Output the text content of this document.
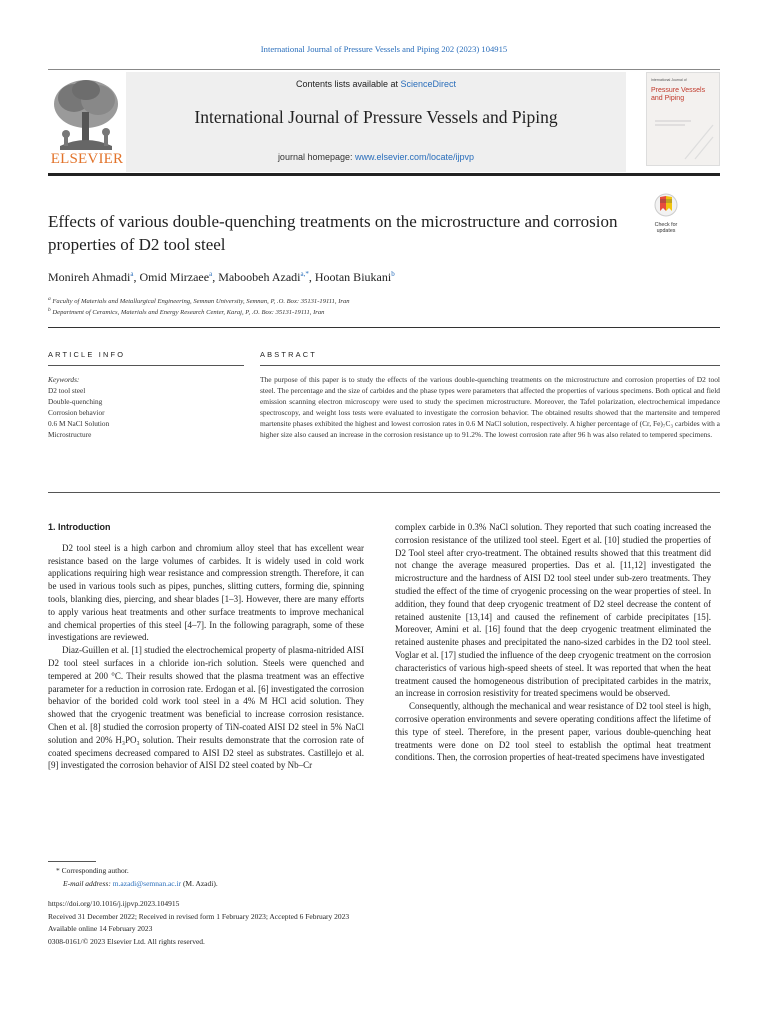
International Journal of Pressure Vessels and Piping 202 (2023) 104915
ELSEVIER
Contents lists available at ScienceDirect
International Journal of Pressure Vessels and Piping
journal homepage: www.elsevier.com/locate/ijpvp
International Journal of
Pressure Vessels
and Piping
Effects of various double-quenching treatments on the microstructure and corrosion properties of D2 tool steel
Check for
updates
Monireh Ahmadi$^a$, Omid Mirzaee$^a$, Maboobeh Azadi$^{a,*}$, Hootan Biukani$^b$
$^a$ Faculty of Materials and Metallurgical Engineering, Semnan University, Semnan, P, .O. Box: 35131-19111, Iran
$^b$ Department of Ceramics, Materials and Energy Research Center, Karaj, P, .O. Box: 35131-19111, Iran
ARTICLE INFO	ABSTRACT
Keywords:
D2 tool steel
Double-quenching
Corrosion behavior
0.6 M NaCl Solution
Microstructure
The purpose of this paper is to study the effects of the various double-quenching treatments on the microstructure and corrosion properties of D2 tool steel. The percentage and the size of carbides and the phase types were parameters that affected the properties of various specimens. Both optical and field emission scanning electron microscopy were used to study the specimen microstructure. Moreover, the Tafel polarization, electrochemical impedance spectroscopy, and weight loss tests were evaluated to investigate the corrosion behavior. The obtained results showed that the martensite and tempered martensite phases exhibited the highest and lowest corrosion rates in 0.6 M NaCl solution, respectively. A higher percentage of (Cr, Fe)₇C₃ carbides with a higher size also caused an increase in the corrosion resistance up to 91.2%. The lowest corrosion rate after 96 h was also related to tempered specimens.

1. Introduction

D2 tool steel is a high carbon and chromium alloy steel that has excellent wear resistance based on the large volumes of carbides. It is widely used in cold work applications requiring high wear resistance and compression strength. Therefore, it can be used in various tools such as pipes, punches, slitting cutters, forming die, spinning tools, blanking dies, piercing, and shear blades [1–3]. However, there are many efforts to apply various heat treatments and other surface treatments to improve mechanical and chemical properties of this steel [4–7]. In the following paragraph, some of these investigations are reviewed.

Diaz-Guillen et al. [1] studied the electrochemical property of plasma-nitrided AISI D2 tool steel surfaces in a chloride ion-rich solution. Steels were quenched and tempered at 200 °C. Their results showed that the plasma treatment was an effective parameter for a reduction in corrosion rate. Erdogan et al. [6] investigated the corrosion behavior of the borided cold work tool steel in a 4% M HCl acid solution. They showed that the cryogenic treatment was beneficial to increase corrosion resistance. Chen et al. [8] studied the corrosion property of TiN-coated AISI D2 steel in 5% NaCl solution and 20% H₃PO₃ solution. Their results demonstrate that the corrosion rate of coated specimens decreased compared to AISI D2 steel as substrates. Castillejo et al. [9] investigated the corrosion behavior of AISI D2 steel coated by Nb–Cr

complex carbide in 0.3% NaCl solution. They reported that such coating increased the corrosion resistance of the utilized tool steel. Egert et al. [10] studied the properties of D2 Tool steel after cryo-treatment. The obtained results showed that this treatment did not change the average measured properties. Das et al. [11,12] investigated the microstructure and the hardness of AISI D2 tool steel under sub-zero treatments. They studied the effect of the time of cryogenic processing on the wear properties of steel. In addition, they found that deep cryogenic treatment of D2 steel decrease the content of retained austenite [13,14] and caused the refinement of carbide precipitates [15]. Moreover, Amini et al. [16] found that the deep cryogenic treatment eliminated the retained austenite phases and precipitated the nano-sized carbides in the D2 tool steel. Voglar et al. [17] studied the influence of the deep cryogenic treatment on the corrosion characteristics of various high-speed sheets of steel. It was reported that when the heat treatment caused the homogeneous distribution of precipitated carbides in the matrix, an increase in corrosion resistivity for treated specimens would be observed.

Consequently, although the mechanical and wear resistance of D2 tool steel is high, corrosive operation environments and severe operating conditions affect the lifetime of this type of steel. Therefore, in the present paper, various double-quenching heat treatments were done on D2 tool steel to establish the optimal heat treatment conditions. Then, the corrosion properties of heat-treated specimens have investigated

* Corresponding author.
E-mail address: m.azadi@semnan.ac.ir (M. Azadi).
https://doi.org/10.1016/j.ijpvp.2023.104915
Received 31 December 2022; Received in revised form 1 February 2023; Accepted 6 February 2023
Available online 14 February 2023
0308-0161/© 2023 Elsevier Ltd. All rights reserved.
